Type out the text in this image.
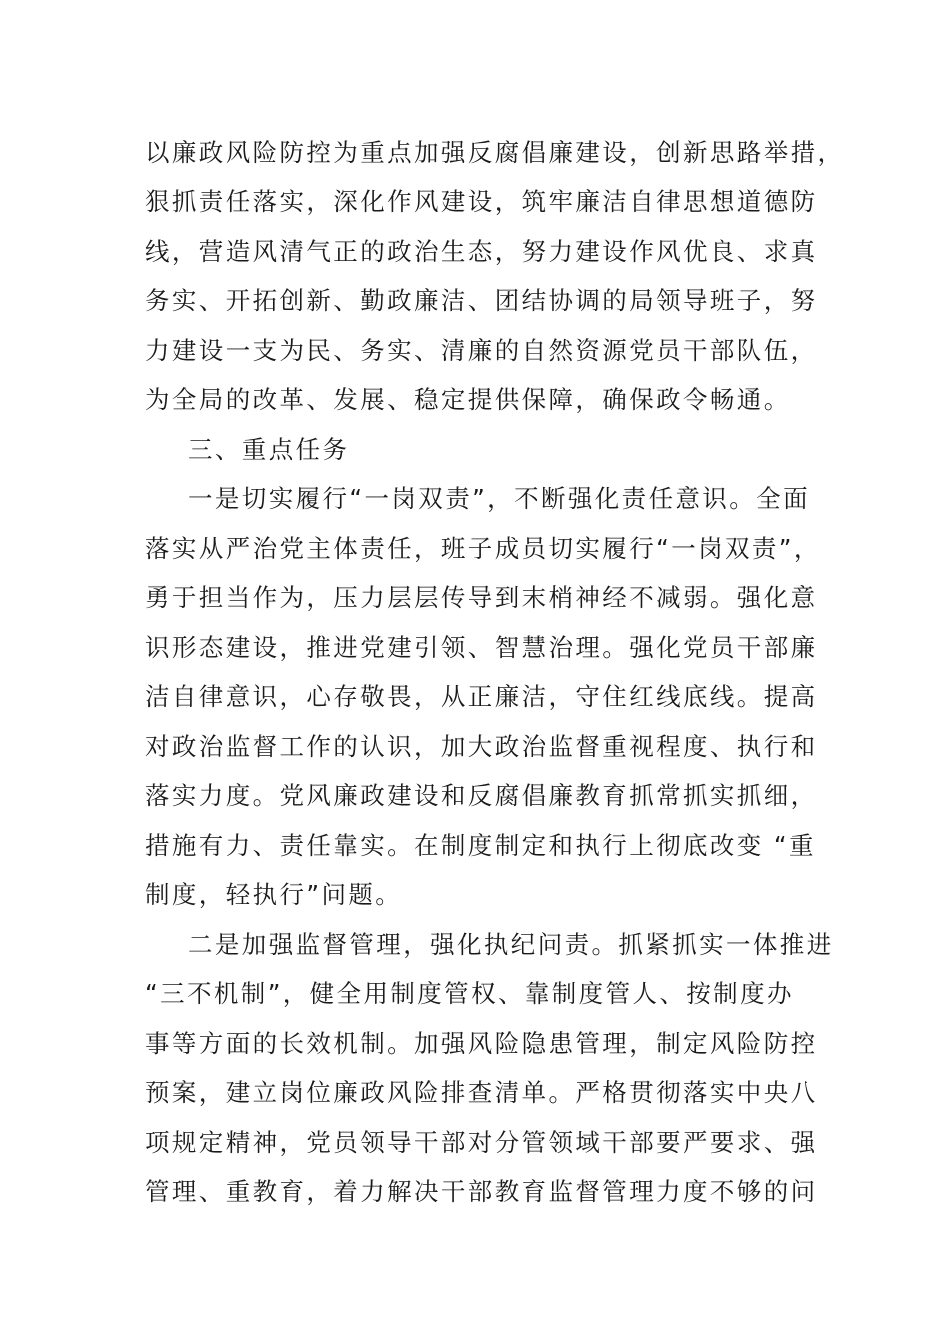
以廉政风险防控为重点加强反腐倡廉建设，创新思路举措，
狠抓责任落实，深化作风建设，筑牢廉洁自律思想道德防
线，营造风清气正的政治生态，努力建设作风优良、求真
务实、开拓创新、勤政廉洁、团结协调的局领导班子，努
力建设一支为民、务实、清廉的自然资源党员干部队伍，
为全局的改革、发展、稳定提供保障，确保政令畅通。
三、重点任务
一是切实履行“一岗双责”，不断强化责任意识。全面
落实从严治党主体责任，班子成员切实履行“一岗双责”，
勇于担当作为，压力层层传导到末梢神经不减弱。强化意
识形态建设，推进党建引领、智慧治理。强化党员干部廉
洁自律意识，心存敬畏，从正廉洁，守住红线底线。提高
对政治监督工作的认识，加大政治监督重视程度、执行和
落实力度。党风廉政建设和反腐倡廉教育抓常抓实抓细，
措施有力、责任靠实。在制度制定和执行上彻底改变 “重
制度，轻执行”问题。
二是加强监督管理，强化执纪问责。抓紧抓实一体推进
“三不机制”，健全用制度管权、靠制度管人、按制度办
事等方面的长效机制。加强风险隐患管理，制定风险防控
预案，建立岗位廉政风险排查清单。严格贯彻落实中央八
项规定精神，党员领导干部对分管领域干部要严要求、强
管理、重教育，着力解决干部教育监督管理力度不够的问
